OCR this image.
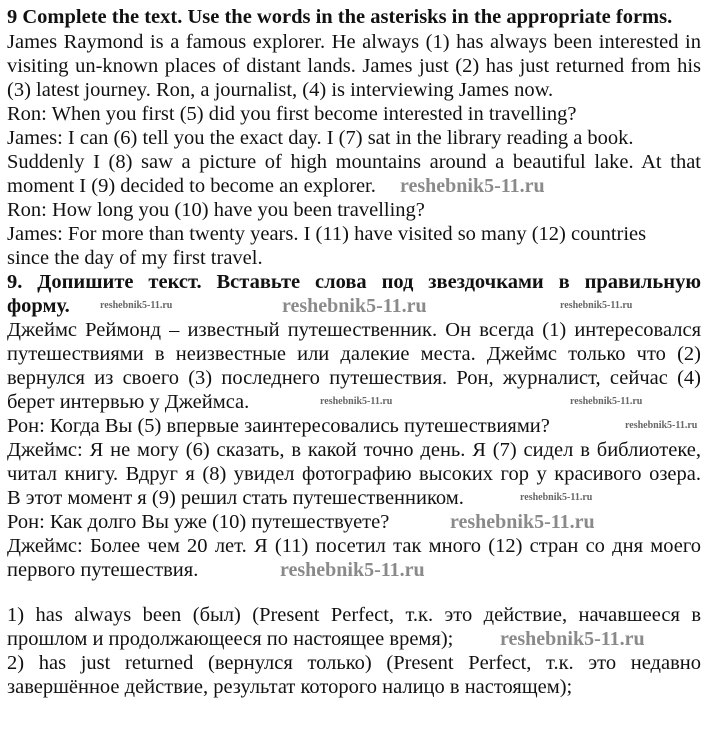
9 Complete the text. Use the words in the asterisks in the appropriate forms.
James Raymond is a famous explorer. He always (1) has always been interested in
visiting un-known places of distant lands. James just (2) has just returned from his
(3) latest journey. Ron, a journalist, (4) is interviewing James now.
Ron: When you first (5) did you first become interested in travelling?
James: I can (6) tell you the exact day. I (7) sat in the library reading a book.
Suddenly I (8) saw a picture of high mountains around a beautiful lake. At that
moment I (9) decided to become an explorer.
Ron: How long you (10) have you been travelling?
James: For more than twenty years. I (11) have visited so many (12) countries
since the day of my first travel.
9. Допишите текст. Вставьте слова под звездочками в правильную
форму.
Джеймс Реймонд – известный путешественник. Он всегда (1) интересовался
путешествиями в неизвестные или далекие места. Джеймс только что (2)
вернулся из своего (3) последнего путешествия. Рон, журналист, сейчас (4)
берет интервью у Джеймса.
Рон: Когда Вы (5) впервые заинтересовались путешествиями?
Джеймс: Я не могу (6) сказать, в какой точно день. Я (7) сидел в библиотеке,
читал книгу. Вдруг я (8) увидел фотографию высоких гор у красивого озера.
В этот момент я (9) решил стать путешественником.
Рон: Как долго Вы уже (10) путешествуете?
Джеймс: Более чем 20 лет. Я (11) посетил так много (12) стран со дня моего
первого путешествия.
1) has always been (был) (Present Perfect, т.к. это действие, начавшееся в
прошлом и продолжающееся по настоящее время);
2) has just returned (вернулся только) (Present Perfect, т.к. это недавно
завершённое действие, результат которого налицо в настоящем);
reshebnik5-11.ru
reshebnik5-11.ru	reshebnik5-11.ru	reshebnik5-11.ru
reshebnik5-11.ru	reshebnik5-11.ru
reshebnik5-11.ru
reshebnik5-11.ru
reshebnik5-11.ru
reshebnik5-11.ru
reshebnik5-11.ru
